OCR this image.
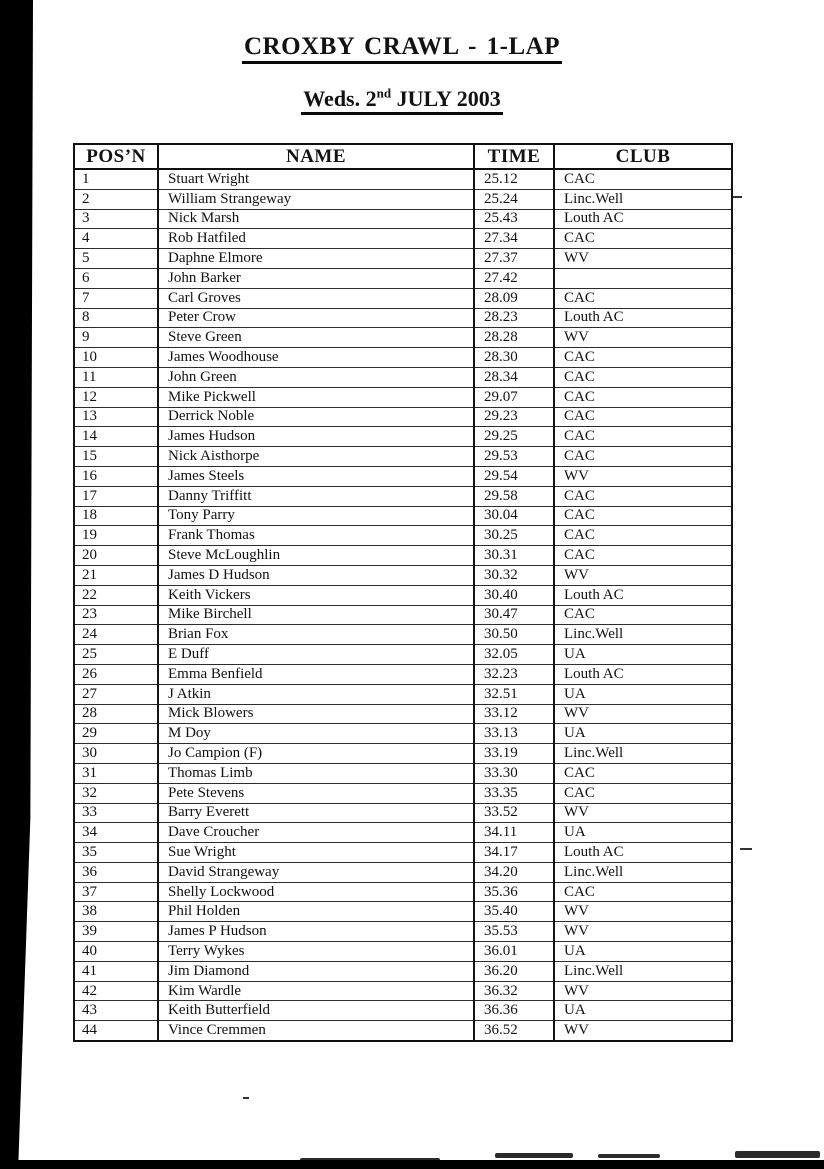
CROXBY CRAWL - 1-LAP
Weds. 2nd JULY 2003
POS’N	NAME	TIME	CLUB
1	Stuart Wright	25.12	CAC
2	William Strangeway	25.24	Linc.Well
3	Nick Marsh	25.43	Louth AC
4	Rob Hatfiled	27.34	CAC
5	Daphne Elmore	27.37	WV
6	John Barker	27.42	
7	Carl Groves	28.09	CAC
8	Peter Crow	28.23	Louth AC
9	Steve Green	28.28	WV
10	James Woodhouse	28.30	CAC
11	John Green	28.34	CAC
12	Mike Pickwell	29.07	CAC
13	Derrick Noble	29.23	CAC
14	James Hudson	29.25	CAC
15	Nick Aisthorpe	29.53	CAC
16	James Steels	29.54	WV
17	Danny Triffitt	29.58	CAC
18	Tony Parry	30.04	CAC
19	Frank Thomas	30.25	CAC
20	Steve McLoughlin	30.31	CAC
21	James D Hudson	30.32	WV
22	Keith Vickers	30.40	Louth AC
23	Mike Birchell	30.47	CAC
24	Brian Fox	30.50	Linc.Well
25	E Duff	32.05	UA
26	Emma Benfield	32.23	Louth AC
27	J Atkin	32.51	UA
28	Mick Blowers	33.12	WV
29	M Doy	33.13	UA
30	Jo Campion (F)	33.19	Linc.Well
31	Thomas Limb	33.30	CAC
32	Pete Stevens	33.35	CAC
33	Barry Everett	33.52	WV
34	Dave Croucher	34.11	UA
35	Sue Wright	34.17	Louth AC
36	David Strangeway	34.20	Linc.Well
37	Shelly Lockwood	35.36	CAC
38	Phil Holden	35.40	WV
39	James P Hudson	35.53	WV
40	Terry Wykes	36.01	UA
41	Jim Diamond	36.20	Linc.Well
42	Kim Wardle	36.32	WV
43	Keith Butterfield	36.36	UA
44	Vince Cremmen	36.52	WV
